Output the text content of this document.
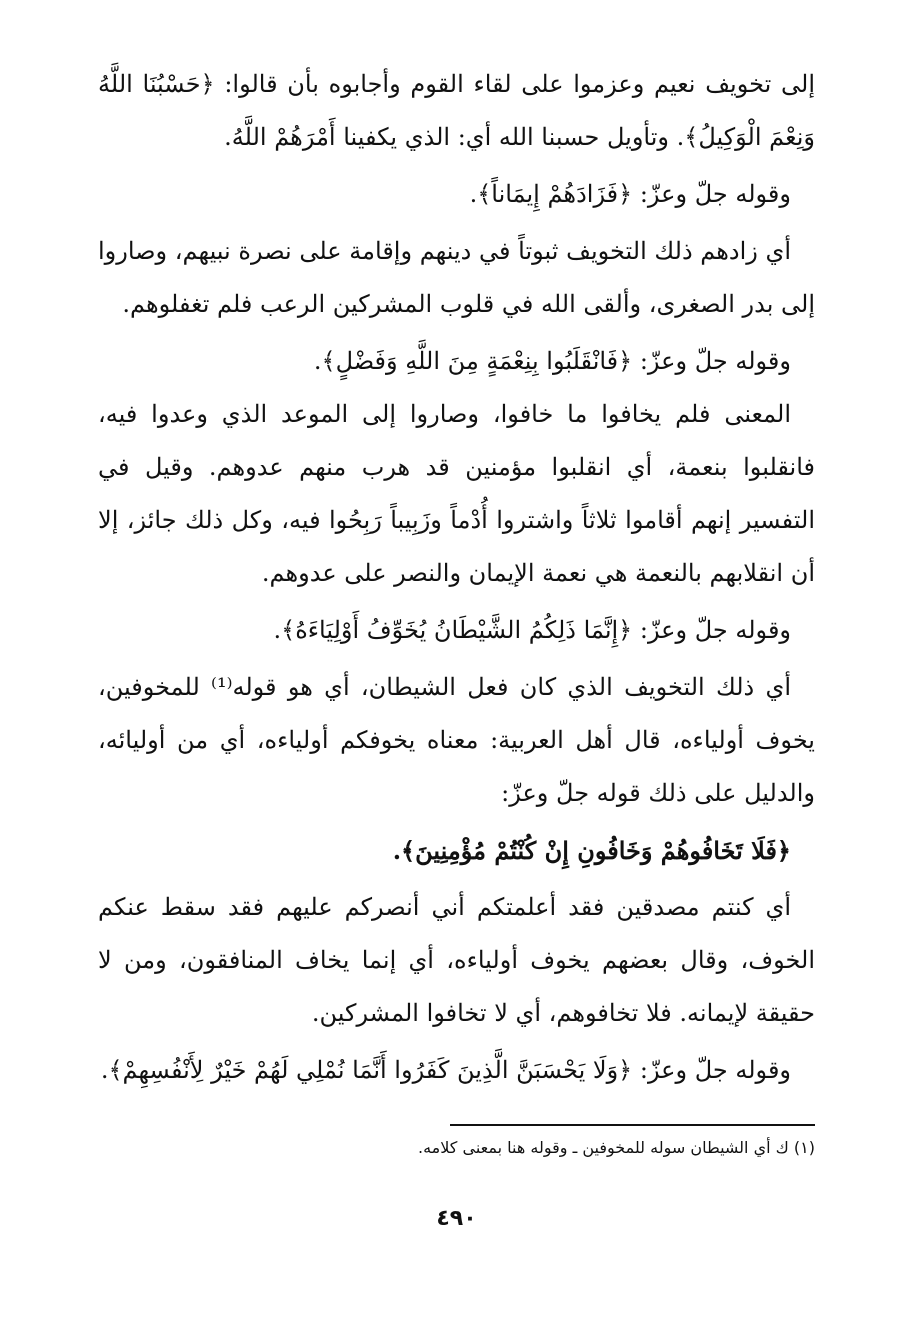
إلى تخويف نعيم وعزموا على لقاء القوم وأجابوه بأن قالوا: ﴿حَسْبُنَا اللَّهُ وَنِعْمَ الْوَكِيلُ﴾. وتأويل حسبنا الله أي: الذي يكفينا أَمْرَهُمْ اللَّهُ.

وقوله جلّ وعزّ: ﴿فَزَادَهُمْ إِيمَاناً﴾.

أي زادهم ذلك التخويف ثبوتاً في دينهم وإقامة على نصرة نبيهم، وصاروا إلى بدر الصغرى، وألقى الله في قلوب المشركين الرعب فلم تغفلوهم.

وقوله جلّ وعزّ: ﴿فَانْقَلَبُوا بِنِعْمَةٍ مِنَ اللَّهِ وَفَضْلٍ﴾.

المعنى فلم يخافوا ما خافوا، وصاروا إلى الموعد الذي وعدوا فيه، فانقلبوا بنعمة، أي انقلبوا مؤمنين قد هرب منهم عدوهم. وقيل في التفسير إنهم أقاموا ثلاثاً واشتروا أُدْماً وزَبِيباً رَبِحُوا فيه، وكل ذلك جائز، إلا أن انقلابهم بالنعمة هي نعمة الإيمان والنصر على عدوهم.

وقوله جلّ وعزّ: ﴿إِنَّمَا ذَلِكُمُ الشَّيْطَانُ يُخَوِّفُ أَوْلِيَاءَهُ﴾.

أي ذلك التخويف الذي كان فعل الشيطان، أي هو قوله⁽¹⁾ للمخوفين، يخوف أولياءه، قال أهل العربية: معناه يخوفكم أولياءه، أي من أوليائه، والدليل على ذلك قوله جلّ وعزّ:

﴿فَلَا تَخَافُوهُمْ وَخَافُونِ إِنْ كُنْتُمْ مُؤْمِنِينَ﴾.

أي كنتم مصدقين فقد أعلمتكم أني أنصركم عليهم فقد سقط عنكم الخوف، وقال بعضهم يخوف أولياءه، أي إنما يخاف المنافقون، ومن لا حقيقة لإيمانه. فلا تخافوهم، أي لا تخافوا المشركين.

وقوله جلّ وعزّ: ﴿وَلَا يَحْسَبَنَّ الَّذِينَ كَفَرُوا أَنَّمَا نُمْلِي لَهُمْ خَيْرٌ لِأَنْفُسِهِمْ﴾.

(١) ك أي الشيطان سوله للمخوفين ـ وقوله هنا بمعنى كلامه.
٤٩٠
